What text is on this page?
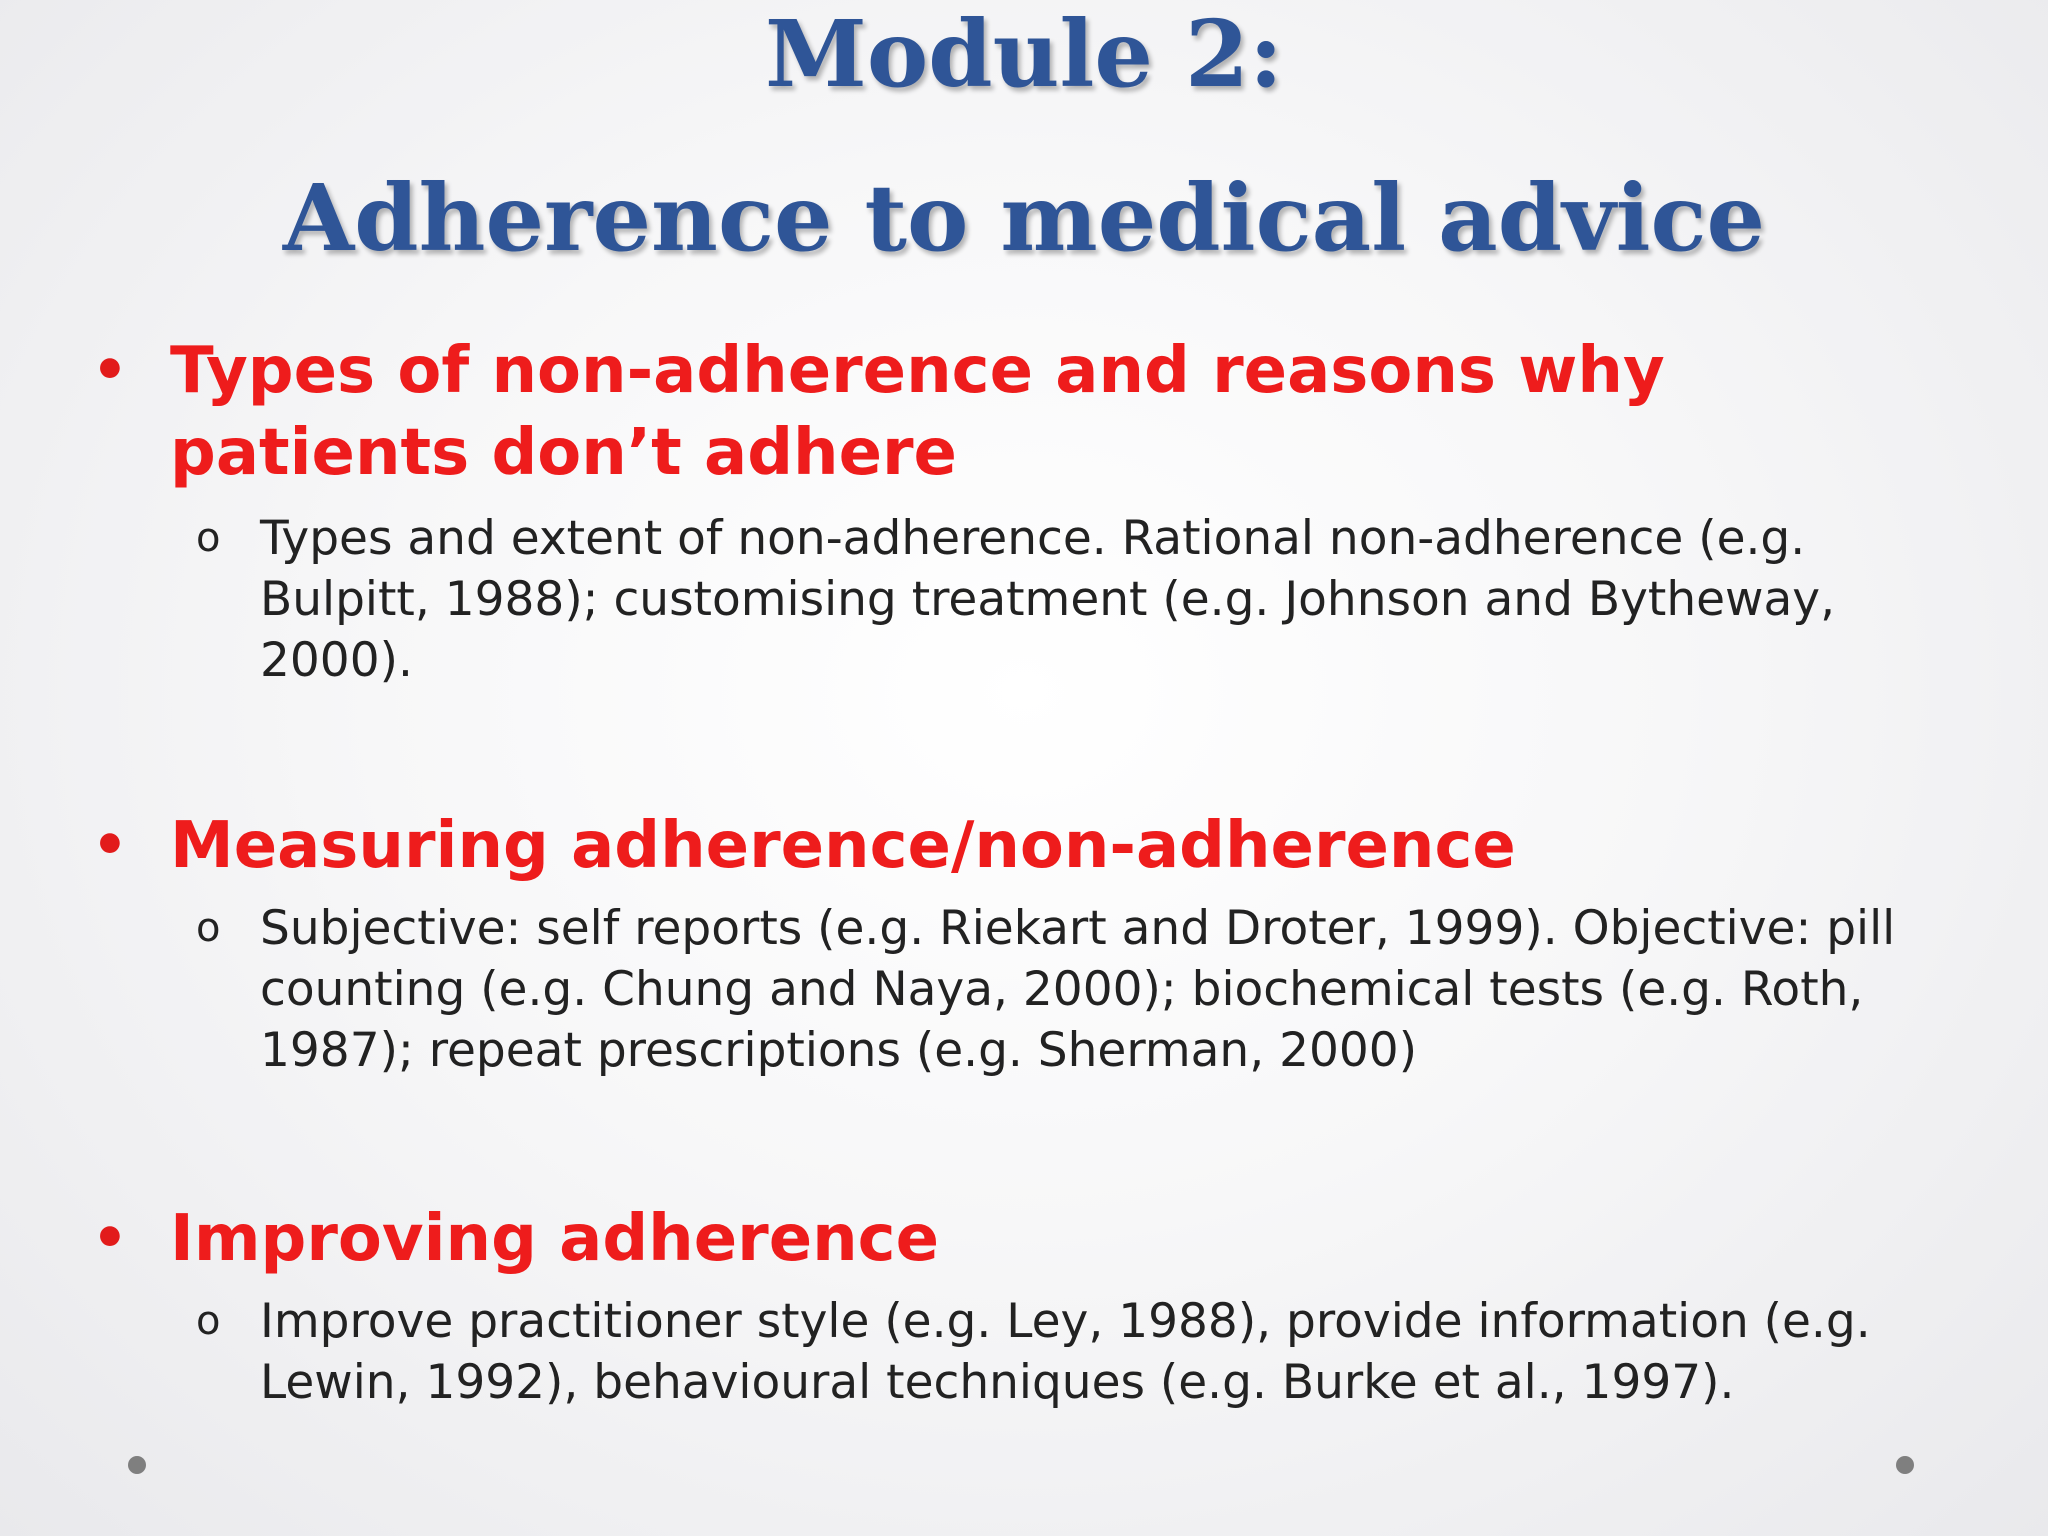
Module 2:
Adherence to medical advice
•

Types of non-adherence and reasons why patients don’t adhere

o Types and extent of non-adherence. Rational non-adherence (e.g. Bulpitt, 1988); customising treatment (e.g. Johnson and Bytheway, 2000).

•

Measuring adherence/non-adherence

o Subjective: self reports (e.g. Riekart and Droter, 1999). Objective: pill counting (e.g. Chung and Naya, 2000); biochemical tests (e.g. Roth, 1987); repeat prescriptions (e.g. Sherman, 2000)

•

Improving adherence

o Improve practitioner style (e.g. Ley, 1988), provide information (e.g. Lewin, 1992), behavioural techniques (e.g. Burke et al., 1997).
